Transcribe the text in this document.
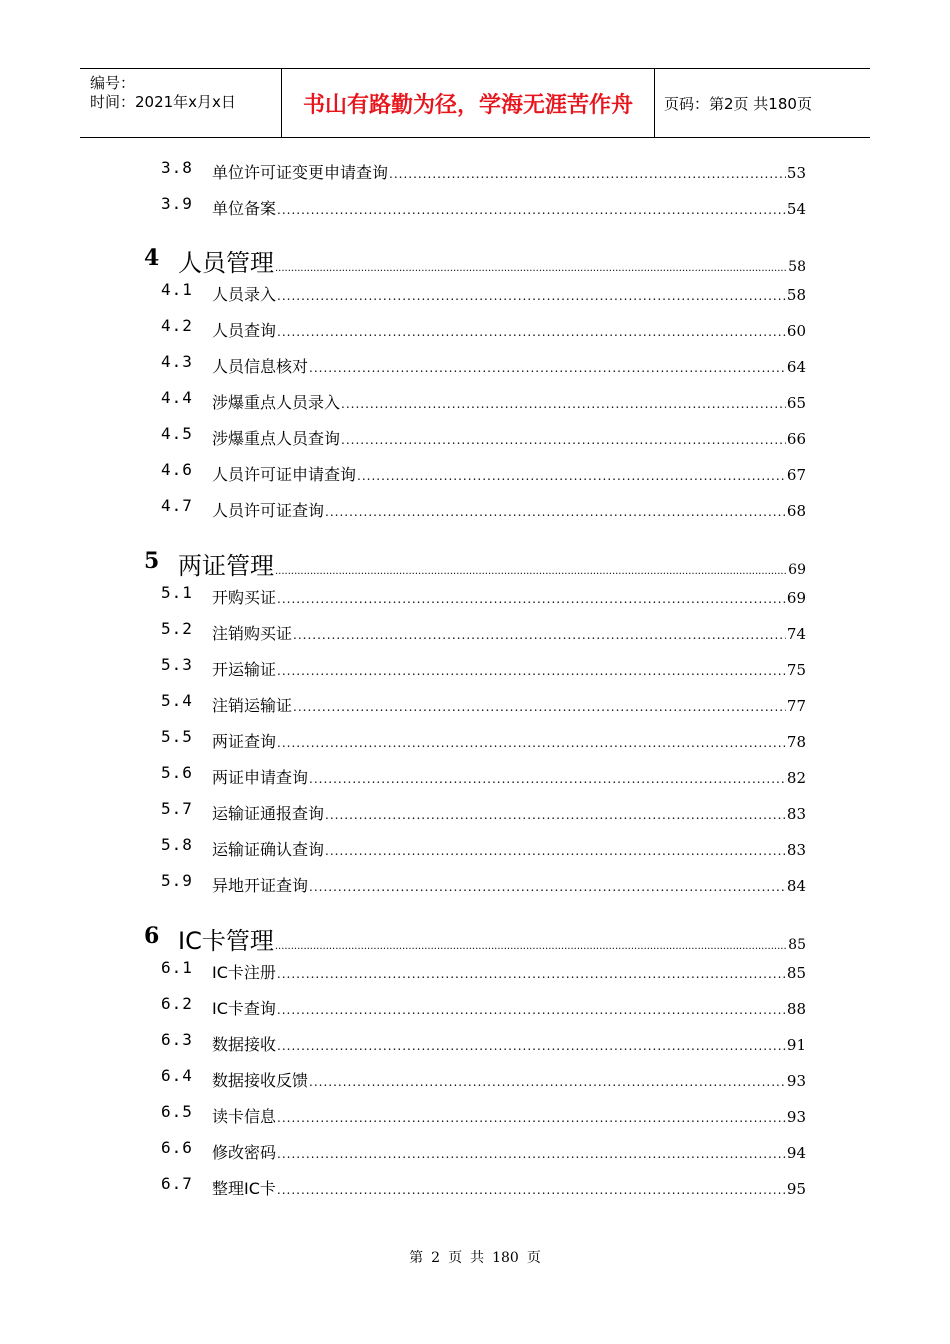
编号：
时间：2021年x月x日	书山有路勤为径，学海无涯苦作舟	页码：第2页 共180页
3.8 单位许可证变更申请查询 .....	53
3.9 单位备案 .....	54
4 人员管理 .....	58
4.1 人员录入 .....	58
4.2 人员查询 .....	60
4.3 人员信息核对 .....	64
4.4 涉爆重点人员录入 .....	65
4.5 涉爆重点人员查询 .....	66
4.6 人员许可证申请查询 .....	67
4.7 人员许可证查询 .....	68
5 两证管理 .....	69
5.1 开购买证 .....	69
5.2 注销购买证 .....	74
5.3 开运输证 .....	75
5.4 注销运输证 .....	77
5.5 两证查询 .....	78
5.6 两证申请查询 .....	82
5.7 运输证通报查询 .....	83
5.8 运输证确认查询 .....	83
5.9 异地开证查询 .....	84
6 IC卡管理 .....	85
6.1 IC卡注册 .....	85
6.2 IC卡查询 .....	88
6.3 数据接收 .....	91
6.4 数据接收反馈 .....	93
6.5 读卡信息 .....	93
6.6 修改密码 .....	94
6.7 整理IC卡 .....	95
第 2 页 共 180 页
